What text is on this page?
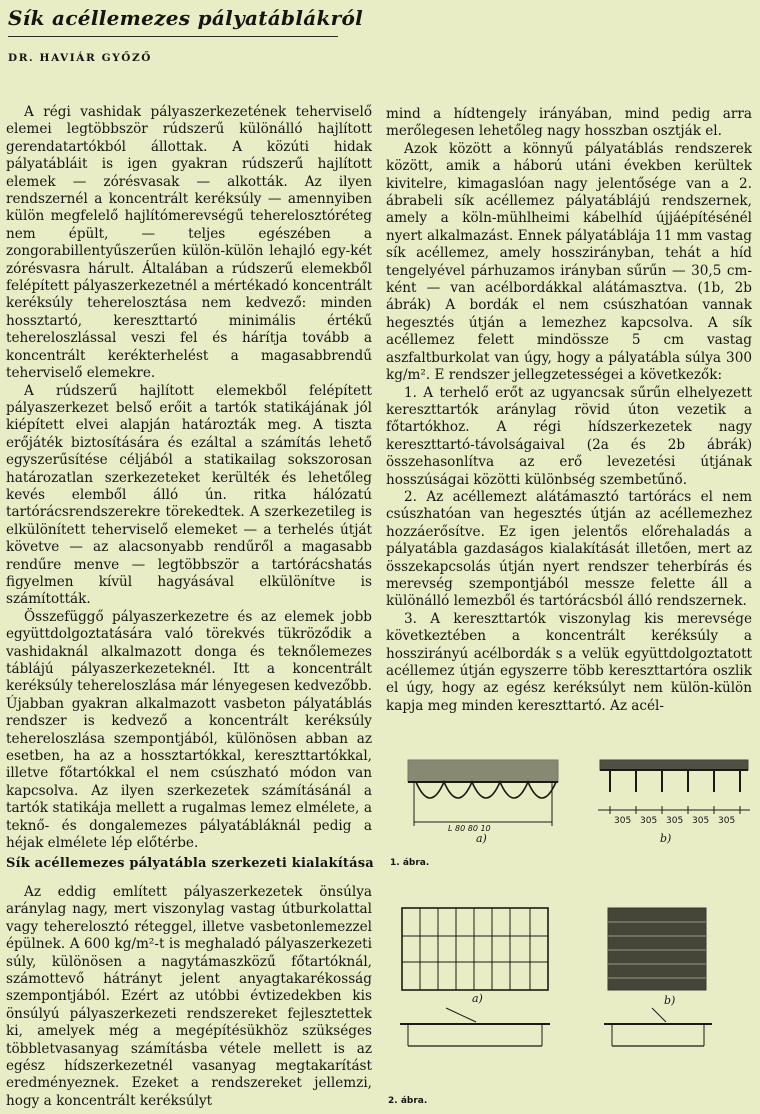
Sík acéllemezes pályatáblákról
DR. HAVIÁR GYŐZŐ

A régi vashidak pályaszerkezetének teherviselő elemei legtöbbször rúdszerű különálló hajlított gerendatartókból állottak. A közúti hidak pályatábláit is igen gyakran rúdszerű hajlított elemek — zórésvasak — alkották. Az ilyen rendszernél a koncentrált keréksúly — amennyiben külön megfelelő hajlítómerevségű teherelosztóréteg nem épült, — teljes egészében a zongorabillentyűszerűen külön-külön lehajló egy-két zórésvasra hárult. Általában a rúdszerű elemekből felépített pályaszerkezetnél a mértékadó koncentrált keréksúly teherelosztása nem kedvező: minden hossztartó, kereszttartó minimális értékű tehereloszlással veszi fel és hárítja tovább a koncentrált kerékterhelést a magasabbrendű teherviselő elemekre.

A rúdszerű hajlított elemekből felépített pályaszerkezet belső erőit a tartók statikájának jól kiépített elvei alapján határozták meg. A tiszta erőjáték biztosítására és ezáltal a számítás lehető egyszerűsítése céljából a statikailag sokszorosan határozatlan szerkezeteket kerülték és lehetőleg kevés elemből álló ún. ritka hálózatú tartórácsrendszerekre törekedtek. A szerkezetileg is elkülönített teherviselő elemeket — a terhelés útját követve — az alacsonyabb rendűről a magasabb rendűre menve — legtöbbször a tartórácshatás figyelmen kívül hagyásával elkülönítve is számították.

Összefüggő pályaszerkezetre és az elemek jobb együttdolgoztatására való törekvés tükröződik a vashidaknál alkalmazott donga és teknőlemezes táblájú pályaszerkezeteknél. Itt a koncentrált keréksúly tehereloszlása már lényegesen kedvezőbb. Újabban gyakran alkalmazott vasbeton pályatáblás rendszer is kedvező a koncentrált keréksúly tehereloszlása szempontjából, különösen abban az esetben, ha az a hossztartókkal, kereszttartókkal, illetve főtartókkal el nem csúszható módon van kapcsolva. Az ilyen szerkezetek számításánál a tartók statikája mellett a rugalmas lemez elmélete, a teknő- és dongalemezes pályatábláknál pedig a héjak elmélete lép előtérbe.

Sík acéllemezes pályatábla szerkezeti kialakítása

Az eddig említett pályaszerkezetek önsúlya aránylag nagy, mert viszonylag vastag útburkolattal vagy teherelosztó réteggel, illetve vasbetonlemezzel épülnek. A 600 kg/m²-t is meghaladó pályaszerkezeti súly, különösen a nagytámaszközű főtartóknál, számottevő hátrányt jelent anyagtakarékosság szempontjából. Ezért az utóbbi évtizedekben kis önsúlyú pályaszerkezeti rendszereket fejlesztettek ki, amelyek még a megépítésükhöz szükséges többletvasanyag számításba vétele mellett is az egész hídszerkezetnél vasanyag megtakarítást eredményeznek. Ezeket a rendszereket jellemzi, hogy a koncentrált keréksúlyt

mind a hídtengely irányában, mind pedig arra merőlegesen lehetőleg nagy hosszban osztják el.

Azok között a könnyű pályatáblás rendszerek között, amik a háború utáni években kerültek kivitelre, kimagaslóan nagy jelentősége van a 2. ábrabeli sík acéllemez pályatáblájú rendszernek, amely a köln-mühlheimi kábelhíd újjáépítésénél nyert alkalmazást. Ennek pályatáblája 11 mm vastag sík acéllemez, amely hosszirányban, tehát a híd tengelyével párhuzamos irányban sűrűn — 30,5 cm-ként — van acélbordákkal alátámasztva. (1b, 2b ábrák) A bordák el nem csúszhatóan vannak hegesztés útján a lemezhez kapcsolva. A sík acéllemez felett mindössze 5 cm vastag aszfaltburkolat van úgy, hogy a pályatábla súlya 300 kg/m². E rendszer jellegzetességei a következők:

1. A terhelő erőt az ugyancsak sűrűn elhelyezett kereszttartók aránylag rövid úton vezetik a főtartókhoz. A régi hídszerkezetek nagy kereszttartó-távolságaival (2a és 2b ábrák) összehasonlítva az erő levezetési útjának hosszúságai közötti különbség szembetűnő.

2. Az acéllemezt alátámasztó tartórács el nem csúszhatóan van hegesztés útján az acéllemezhez hozzáerősítve. Ez igen jelentős előrehaladás a pályatábla gazdaságos kialakítását illetően, mert az összekapcsolás útján nyert rendszer teherbírás és merevség szempontjából messze felette áll a különálló lemezből és tartórácsból álló rendszernek.

3. A kereszttartók viszonylag kis merevsége következtében a koncentrált keréksúly a hosszirányú acélbordák s a velük együttdolgoztatott acéllemez útján egyszerre több kereszttartóra oszlik el úgy, hogy az egész keréksúlyt nem külön-külön kapja meg minden kereszttartó. Az acél-

L 80 80 10
305 305 305 305 305
a)	b)
1. ábra.
a)	b)
2. ábra.
